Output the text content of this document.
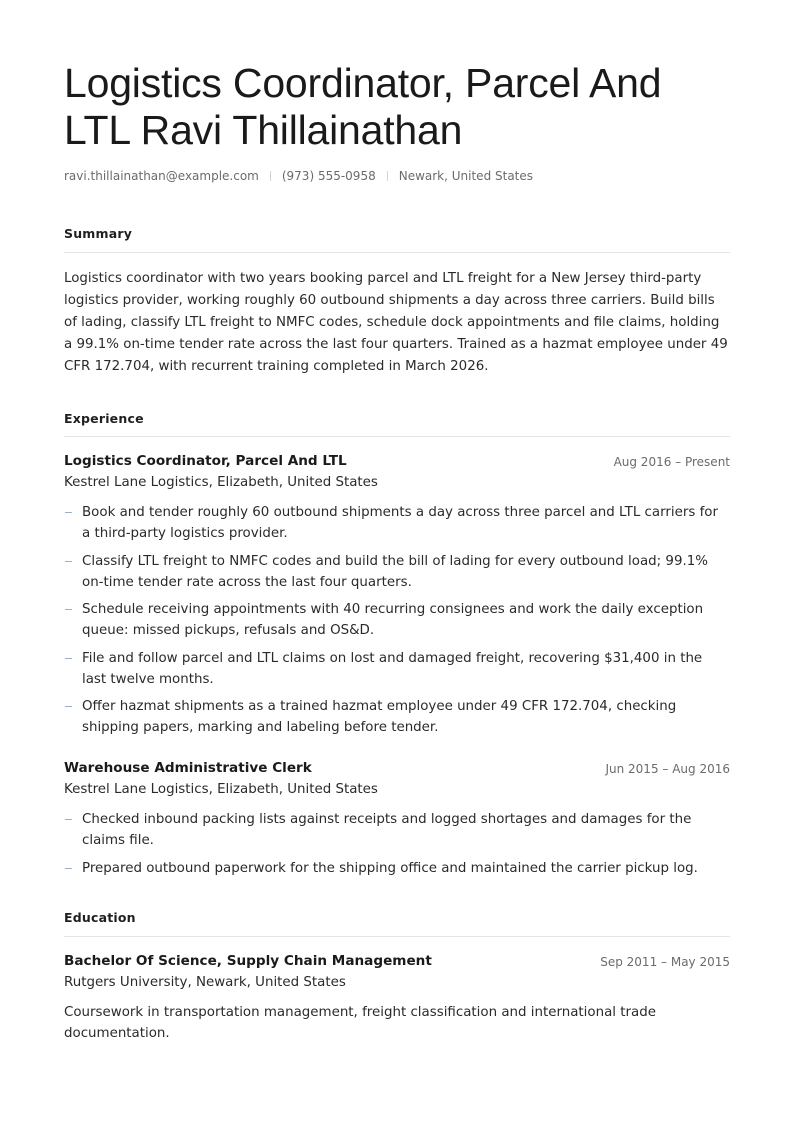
Logistics Coordinator, Parcel And LTL Ravi Thillainathan
ravi.thillainathan@example.com (973) 555-0958 Newark, United States
Summary

Logistics coordinator with two years booking parcel and LTL freight for a New Jersey third-party logistics provider, working roughly 60 outbound shipments a day across three carriers. Build bills of lading, classify LTL freight to NMFC codes, schedule dock appointments and file claims, holding a 99.1% on-time tender rate across the last four quarters. Trained as a hazmat employee under 49 CFR 172.704, with recurrent training completed in March 2026.

Experience
Logistics Coordinator, Parcel And LTL	Aug 2016 – Present
Kestrel Lane Logistics, Elizabeth, United States
Book and tender roughly 60 outbound shipments a day across three parcel and LTL carriers for a third-party logistics provider.
Classify LTL freight to NMFC codes and build the bill of lading for every outbound load; 99.1% on-time tender rate across the last four quarters.
Schedule receiving appointments with 40 recurring consignees and work the daily exception queue: missed pickups, refusals and OS&D.
File and follow parcel and LTL claims on lost and damaged freight, recovering $31,400 in the last twelve months.
Offer hazmat shipments as a trained hazmat employee under 49 CFR 172.704, checking shipping papers, marking and labeling before tender.
Warehouse Administrative Clerk	Jun 2015 – Aug 2016
Kestrel Lane Logistics, Elizabeth, United States
Checked inbound packing lists against receipts and logged shortages and damages for the claims file.
Prepared outbound paperwork for the shipping office and maintained the carrier pickup log.
Education
Bachelor Of Science, Supply Chain Management	Sep 2011 – May 2015
Rutgers University, Newark, United States

Coursework in transportation management, freight classification and international trade documentation.
